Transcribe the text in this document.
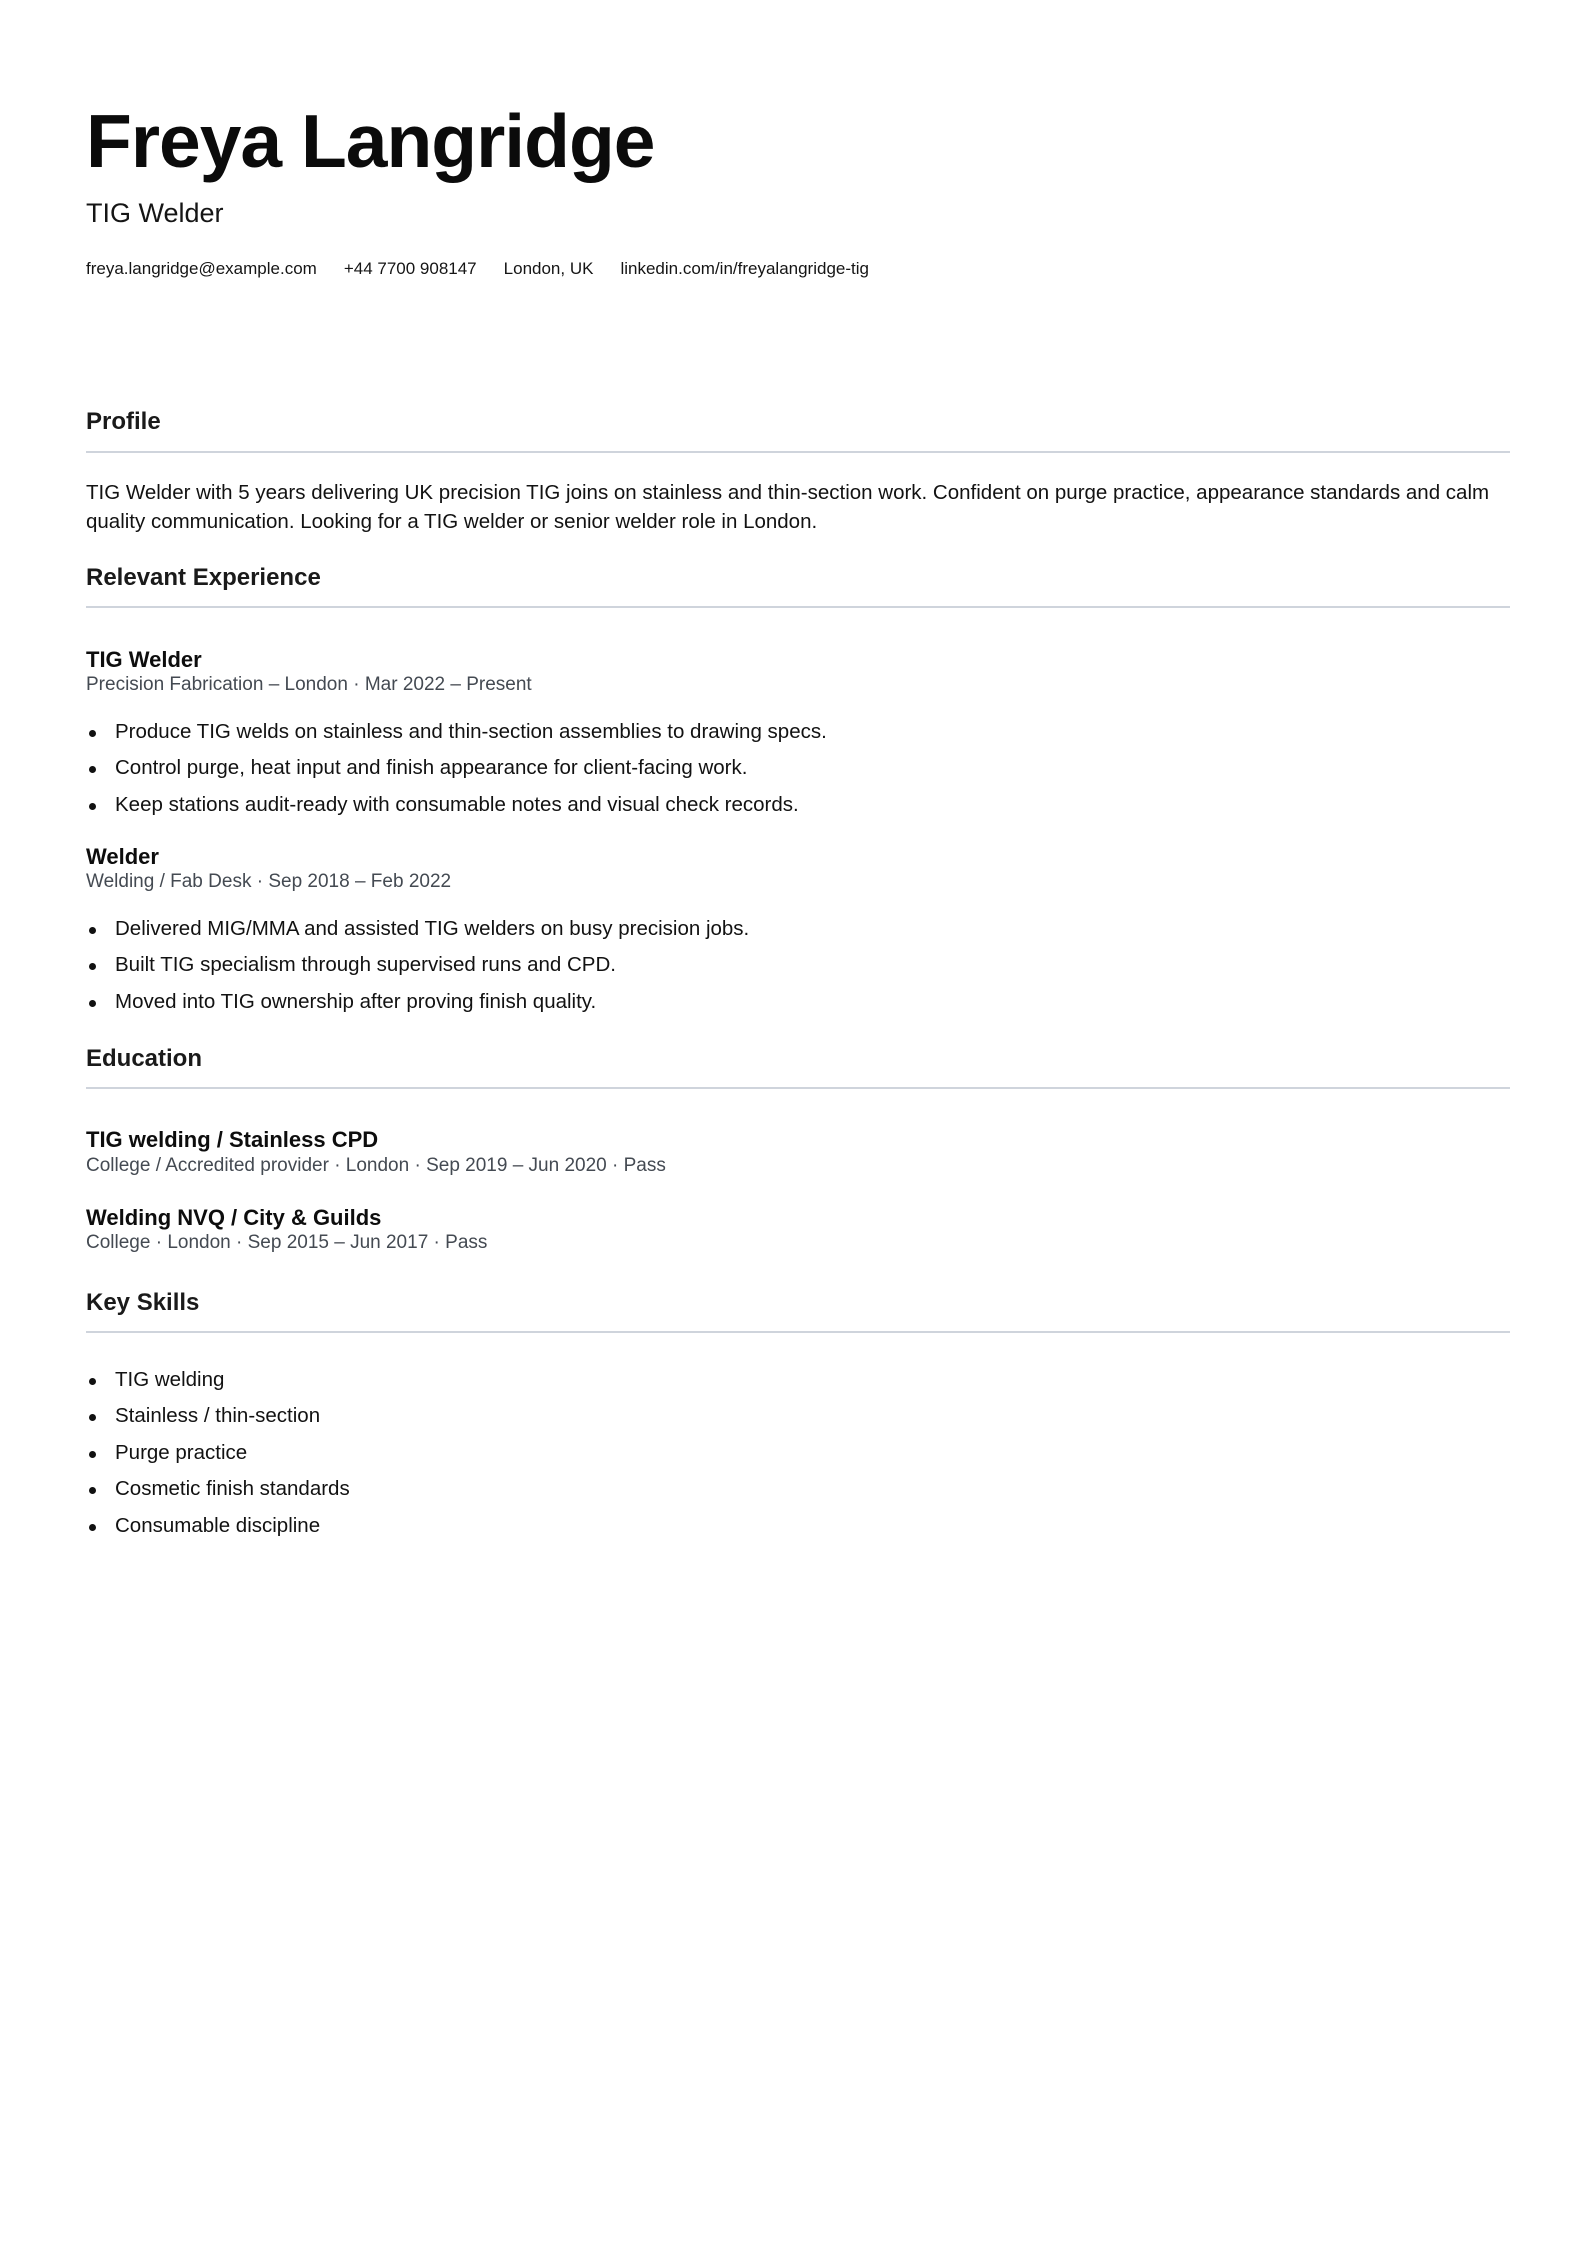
Freya Langridge
TIG Welder
freya.langridge@example.com +44 7700 908147 London, UK linkedin.com/in/freyalangridge-tig
Profile

TIG Welder with 5 years delivering UK precision TIG joins on stainless and thin-section work. Confident on purge practice, appearance standards and calm quality communication. Looking for a TIG welder or senior welder role in London.

Relevant Experience
TIG Welder
Precision Fabrication – London · Mar 2022 – Present
Produce TIG welds on stainless and thin-section assemblies to drawing specs.
Control purge, heat input and finish appearance for client-facing work.
Keep stations audit-ready with consumable notes and visual check records.
Welder
Welding / Fab Desk · Sep 2018 – Feb 2022
Delivered MIG/MMA and assisted TIG welders on busy precision jobs.
Built TIG specialism through supervised runs and CPD.
Moved into TIG ownership after proving finish quality.
Education
TIG welding / Stainless CPD
College / Accredited provider · London · Sep 2019 – Jun 2020 · Pass
Welding NVQ / City & Guilds
College · London · Sep 2015 – Jun 2017 · Pass
Key Skills
TIG welding
Stainless / thin-section
Purge practice
Cosmetic finish standards
Consumable discipline
